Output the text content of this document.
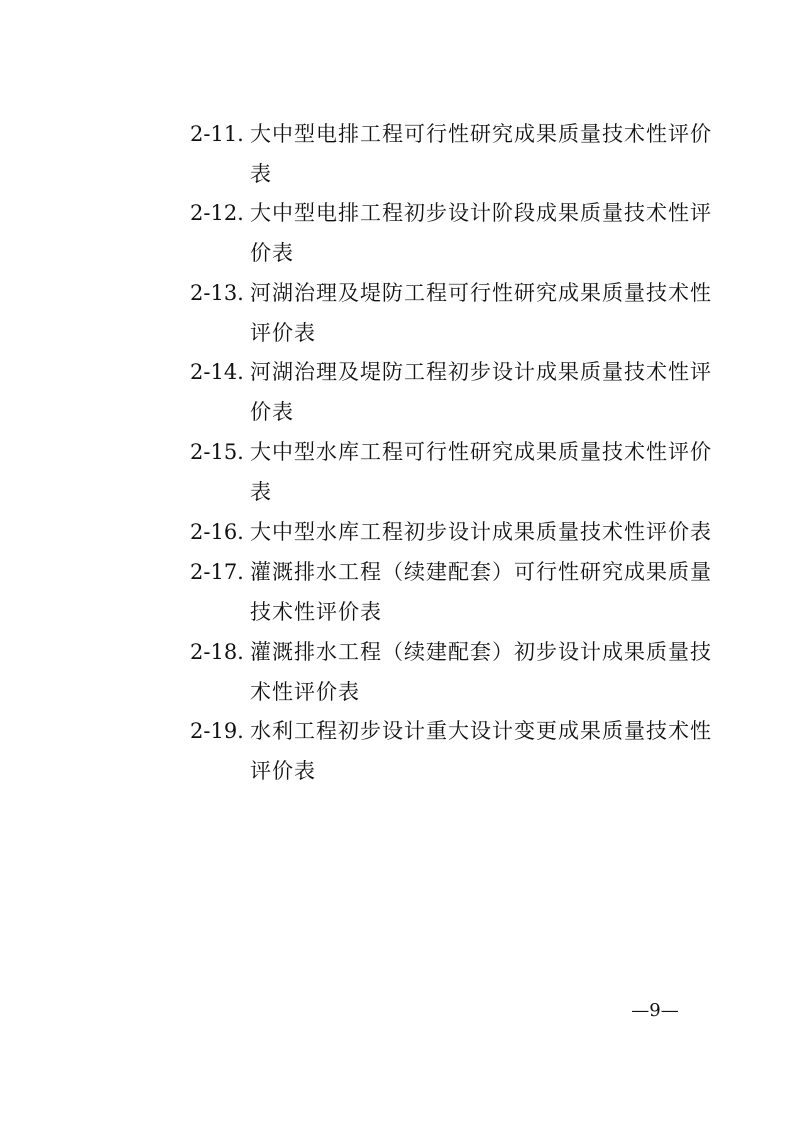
2-11. 大中型电排工程可行性研究成果质量技术性评价
表
2-12. 大中型电排工程初步设计阶段成果质量技术性评
价表
2-13. 河湖治理及堤防工程可行性研究成果质量技术性
评价表
2-14. 河湖治理及堤防工程初步设计成果质量技术性评
价表
2-15. 大中型水库工程可行性研究成果质量技术性评价
表
2-16. 大中型水库工程初步设计成果质量技术性评价表
2-17. 灌溉排水工程（续建配套）可行性研究成果质量
技术性评价表
2-18. 灌溉排水工程（续建配套）初步设计成果质量技
术性评价表
2-19. 水利工程初步设计重大设计变更成果质量技术性
评价表
—9—
